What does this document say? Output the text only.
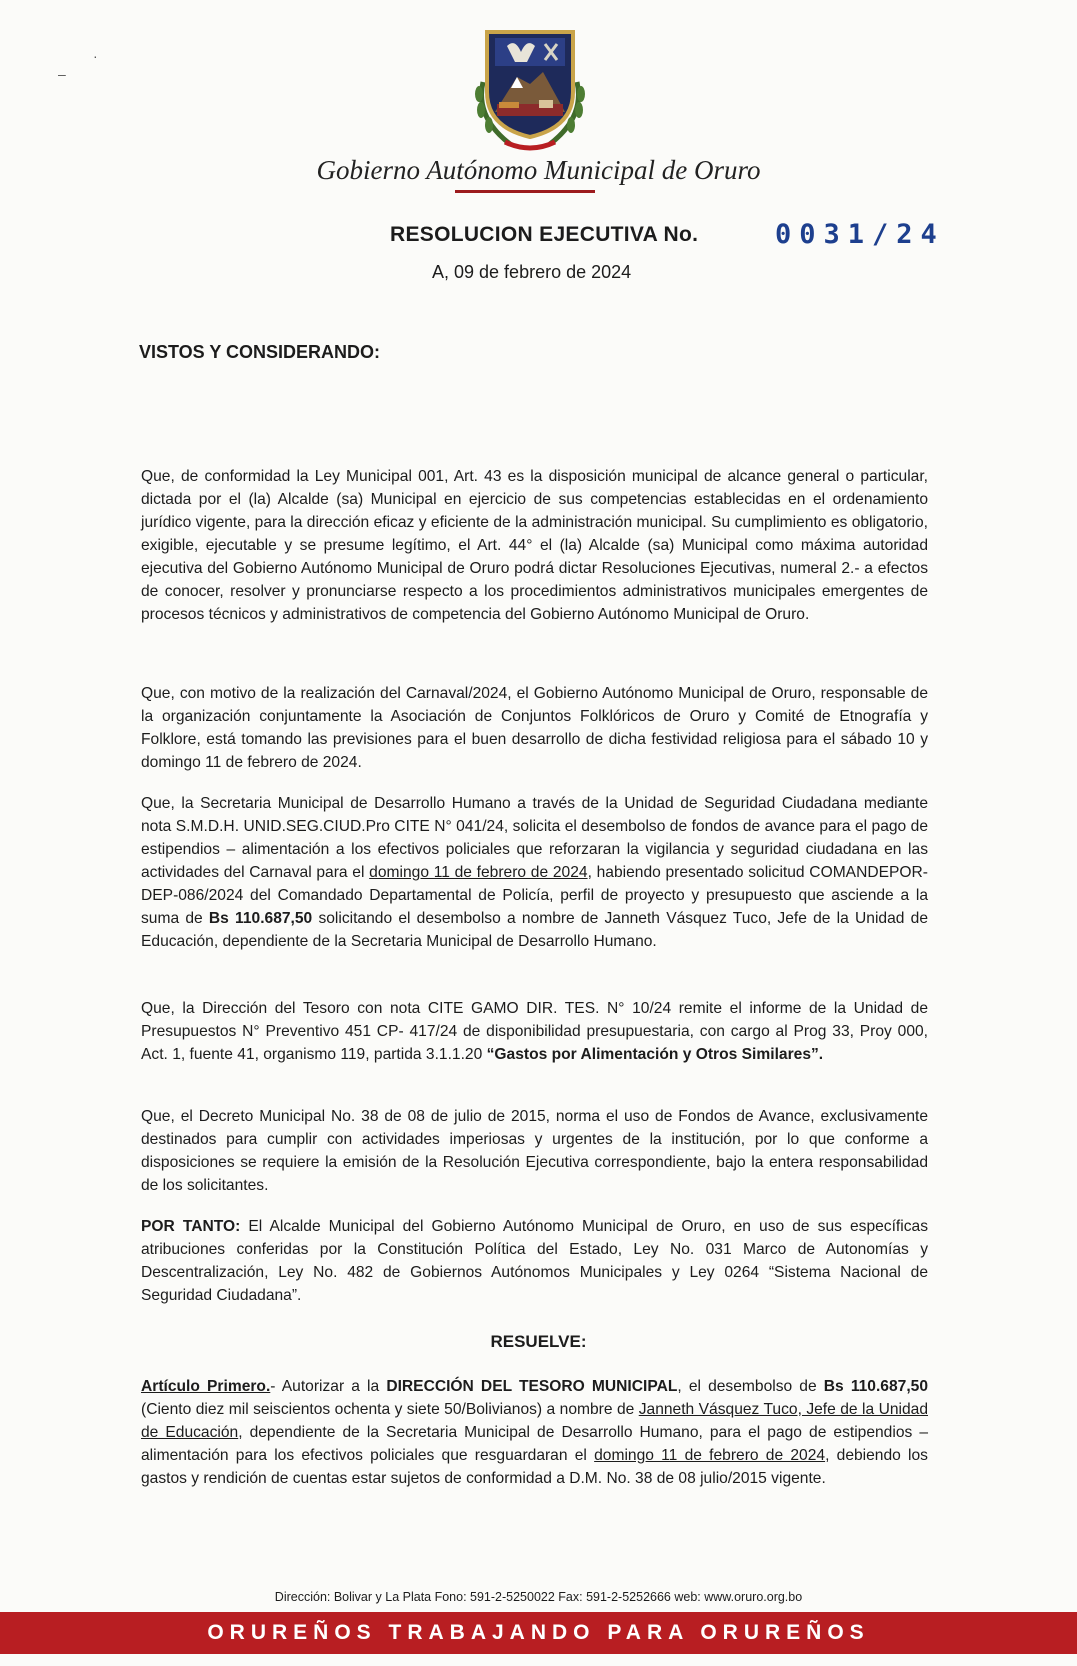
–
·
Gobierno Autónomo Municipal de Oruro
RESOLUCION EJECUTIVA No.	0031/24
A, 09 de febrero de 2024
VISTOS Y CONSIDERANDO:
Que, de conformidad la Ley Municipal 001, Art. 43 es la disposición municipal de alcance general o particular, dictada por el (la) Alcalde (sa) Municipal en ejercicio de sus competencias establecidas en el ordenamiento jurídico vigente, para la dirección eficaz y eficiente de la administración municipal. Su cumplimiento es obligatorio, exigible, ejecutable y se presume legítimo, el Art. 44° el (la) Alcalde (sa) Municipal como máxima autoridad ejecutiva del Gobierno Autónomo Municipal de Oruro podrá dictar Resoluciones Ejecutivas, numeral 2.- a efectos de conocer, resolver y pronunciarse respecto a los procedimientos administrativos municipales emergentes de procesos técnicos y administrativos de competencia del Gobierno Autónomo Municipal de Oruro.
Que, con motivo de la realización del Carnaval/2024, el Gobierno Autónomo Municipal de Oruro, responsable de la organización conjuntamente la Asociación de Conjuntos Folklóricos de Oruro y Comité de Etnografía y Folklore, está tomando las previsiones para el buen desarrollo de dicha festividad religiosa para el sábado 10 y domingo 11 de febrero de 2024.
Que, la Secretaria Municipal de Desarrollo Humano a través de la Unidad de Seguridad Ciudadana mediante nota S.M.D.H. UNID.SEG.CIUD.Pro CITE N° 041/24, solicita el desembolso de fondos de avance para el pago de estipendios – alimentación a los efectivos policiales que reforzaran la vigilancia y seguridad ciudadana en las actividades del Carnaval para el domingo 11 de febrero de 2024, habiendo presentado solicitud COMANDEPOR-DEP-086/2024 del Comandado Departamental de Policía, perfil de proyecto y presupuesto que asciende a la suma de Bs 110.687,50 solicitando el desembolso a nombre de Janneth Vásquez Tuco, Jefe de la Unidad de Educación, dependiente de la Secretaria Municipal de Desarrollo Humano.
Que, la Dirección del Tesoro con nota CITE GAMO DIR. TES. N° 10/24 remite el informe de la Unidad de Presupuestos N° Preventivo 451 CP- 417/24 de disponibilidad presupuestaria, con cargo al Prog 33, Proy 000, Act. 1, fuente 41, organismo 119, partida 3.1.1.20 “Gastos por Alimentación y Otros Similares”.
Que, el Decreto Municipal No. 38 de 08 de julio de 2015, norma el uso de Fondos de Avance, exclusivamente destinados para cumplir con actividades imperiosas y urgentes de la institución, por lo que conforme a disposiciones se requiere la emisión de la Resolución Ejecutiva correspondiente, bajo la entera responsabilidad de los solicitantes.
POR TANTO: El Alcalde Municipal del Gobierno Autónomo Municipal de Oruro, en uso de sus específicas atribuciones conferidas por la Constitución Política del Estado, Ley No. 031 Marco de Autonomías y Descentralización, Ley No. 482 de Gobiernos Autónomos Municipales y Ley 0264 “Sistema Nacional de Seguridad Ciudadana”.
RESUELVE:
Artículo Primero.- Autorizar a la DIRECCIÓN DEL TESORO MUNICIPAL, el desembolso de Bs 110.687,50 (Ciento diez mil seiscientos ochenta y siete 50/Bolivianos) a nombre de Janneth Vásquez Tuco, Jefe de la Unidad de Educación, dependiente de la Secretaria Municipal de Desarrollo Humano, para el pago de estipendios – alimentación para los efectivos policiales que resguardaran el domingo 11 de febrero de 2024, debiendo los gastos y rendición de cuentas estar sujetos de conformidad a D.M. No. 38 de 08 julio/2015 vigente.
Dirección: Bolivar y La Plata Fono: 591-2-5250022 Fax: 591-2-5252666 web: www.oruro.org.bo
ORUREÑOS TRABAJANDO PARA ORUREÑOS
